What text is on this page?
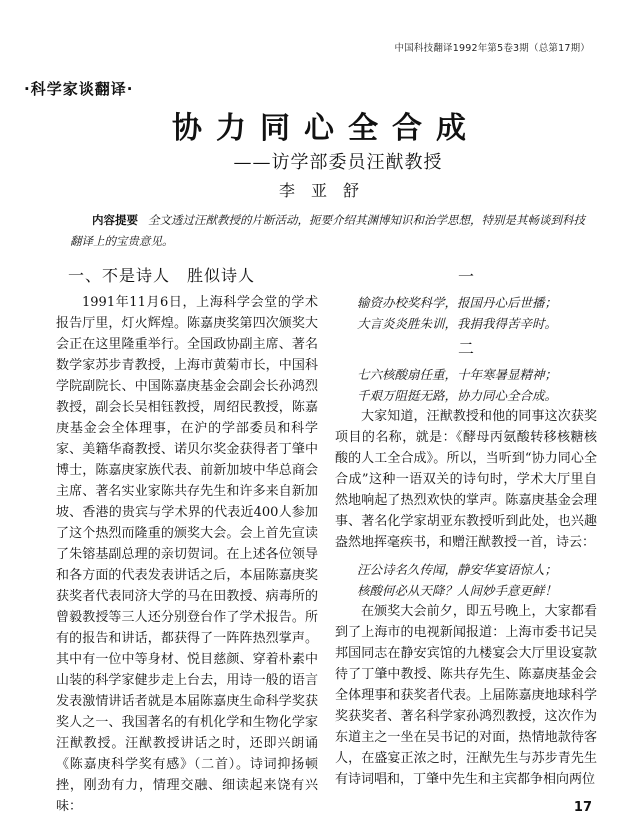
中国科技翻译1992年第5卷3期（总第17期）
·科学家谈翻译·
协力同心全合成
——访学部委员汪猷教授
李亚舒
内容提要 全文透过汪猷教授的片断活动，扼要介绍其渊博知识和治学思想，特别是其畅谈到科技翻译上的宝贵意见。
一、不是诗人　胜似诗人

1991年11月6日，上海科学会堂的学术报告厅里，灯火辉煌。陈嘉庚奖第四次颁奖大会正在这里隆重举行。全国政协副主席、著名数学家苏步青教授，上海市黄菊市长，中国科学院副院长、中国陈嘉庚基金会副会长孙鸿烈教授，副会长吴相钰教授，周绍民教授，陈嘉庚基金会全体理事，在沪的学部委员和科学家、美籍华裔教授、诺贝尔奖金获得者丁肇中博士，陈嘉庚家族代表、前新加坡中华总商会主席、著名实业家陈共存先生和许多来自新加坡、香港的贵宾与学术界的代表近400人参加了这个热烈而隆重的颁奖大会。会上首先宣读了朱镕基副总理的亲切贺词。在上述各位领导和各方面的代表发表讲话之后，本届陈嘉庚奖获奖者代表同济大学的马在田教授、病毒所的曾毅教授等三人还分别登台作了学术报告。所有的报告和讲话，都获得了一阵阵热烈掌声。其中有一位中等身材、悦目慈颜、穿着朴素中山装的科学家健步走上台去，用诗一般的语言发表激情讲话者就是本届陈嘉庚生命科学奖获奖人之一、我国著名的有机化学和生物化学家汪猷教授。汪猷教授讲话之时，还即兴朗诵《陈嘉庚科学奖有感》（二首）。诗词抑扬顿挫，刚劲有力，情理交融、细读起来饶有兴味：

一

输资办校奖科学，报国丹心后世播；

大言炎炎胜朱训，我捐我得苦辛时。

二

七六核酸扇任重，十年寒暑显精神；

千艰万阻挺无路，协力同心全合成。

大家知道，汪猷教授和他的同事这次获奖项目的名称，就是：《酵母丙氨酸转移核糖核酸的人工全合成》。所以，当听到“协力同心全合成”这种一语双关的诗句时，学术大厅里自然地响起了热烈欢快的掌声。陈嘉庚基金会理事、著名化学家胡亚东教授听到此处，也兴趣盎然地挥毫疾书，和赠汪猷教授一首，诗云：

汪公诗名久传闻，静安华宴语惊人；

核酸何必从天降？人间妙手意更鲜！

在颁奖大会前夕，即五号晚上，大家都看到了上海市的电视新闻报道：上海市委书记吴邦国同志在静安宾馆的九楼宴会大厅里设宴款待了丁肇中教授、陈共存先生、陈嘉庚基金会全体理事和获奖者代表。上届陈嘉庚地球科学奖获奖者、著名科学家孙鸿烈教授，这次作为东道主之一坐在吴书记的对面，热情地款待客人，在盛宴正浓之时，汪猷先生与苏步青先生有诗词唱和，丁肇中先生和主宾都争相向两位

17
